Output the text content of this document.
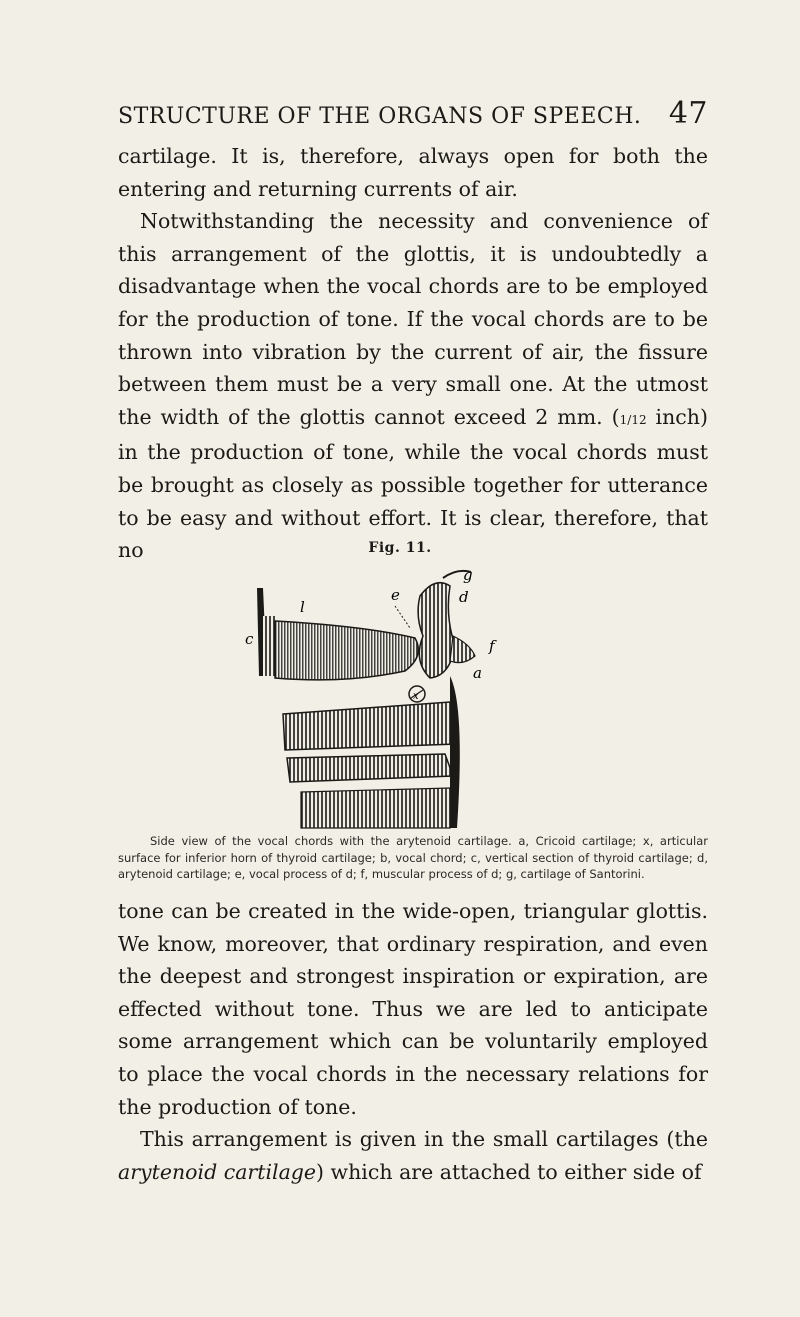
STRUCTURE OF THE ORGANS OF SPEECH. 47

cartilage. It is, therefore, always open for both the entering and returning currents of air.

Notwithstanding the necessity and convenience of this arrangement of the glottis, it is undoubtedly a disadvantage when the vocal chords are to be employed for the production of tone. If the vocal chords are to be thrown into vibration by the current of air, the fissure between them must be a very small one. At the utmost the width of the glottis cannot exceed 2 mm. (1/12 inch) in the production of tone, while the vocal chords must be brought as closely as possible together for utterance to be easy and without effort. It is clear, therefore, that no	Fig. 11.
g
l
e	d
c	f
a
x
Side view of the vocal chords with the arytenoid cartilage. a, Cricoid cartilage; x, articular surface for inferior horn of thyroid cartilage; b, vocal chord; c, vertical section of thyroid cartilage; d, arytenoid cartilage; e, vocal process of d; f, muscular process of d; g, cartilage of Santorini.

tone can be created in the wide-open, triangular glottis. We know, moreover, that ordinary respiration, and even the deepest and strongest inspiration or expiration, are effected without tone. Thus we are led to anticipate some arrangement which can be voluntarily employed to place the vocal chords in the necessary relations for the production of tone.

This arrangement is given in the small cartilages (the arytenoid cartilage) which are attached to either side of
